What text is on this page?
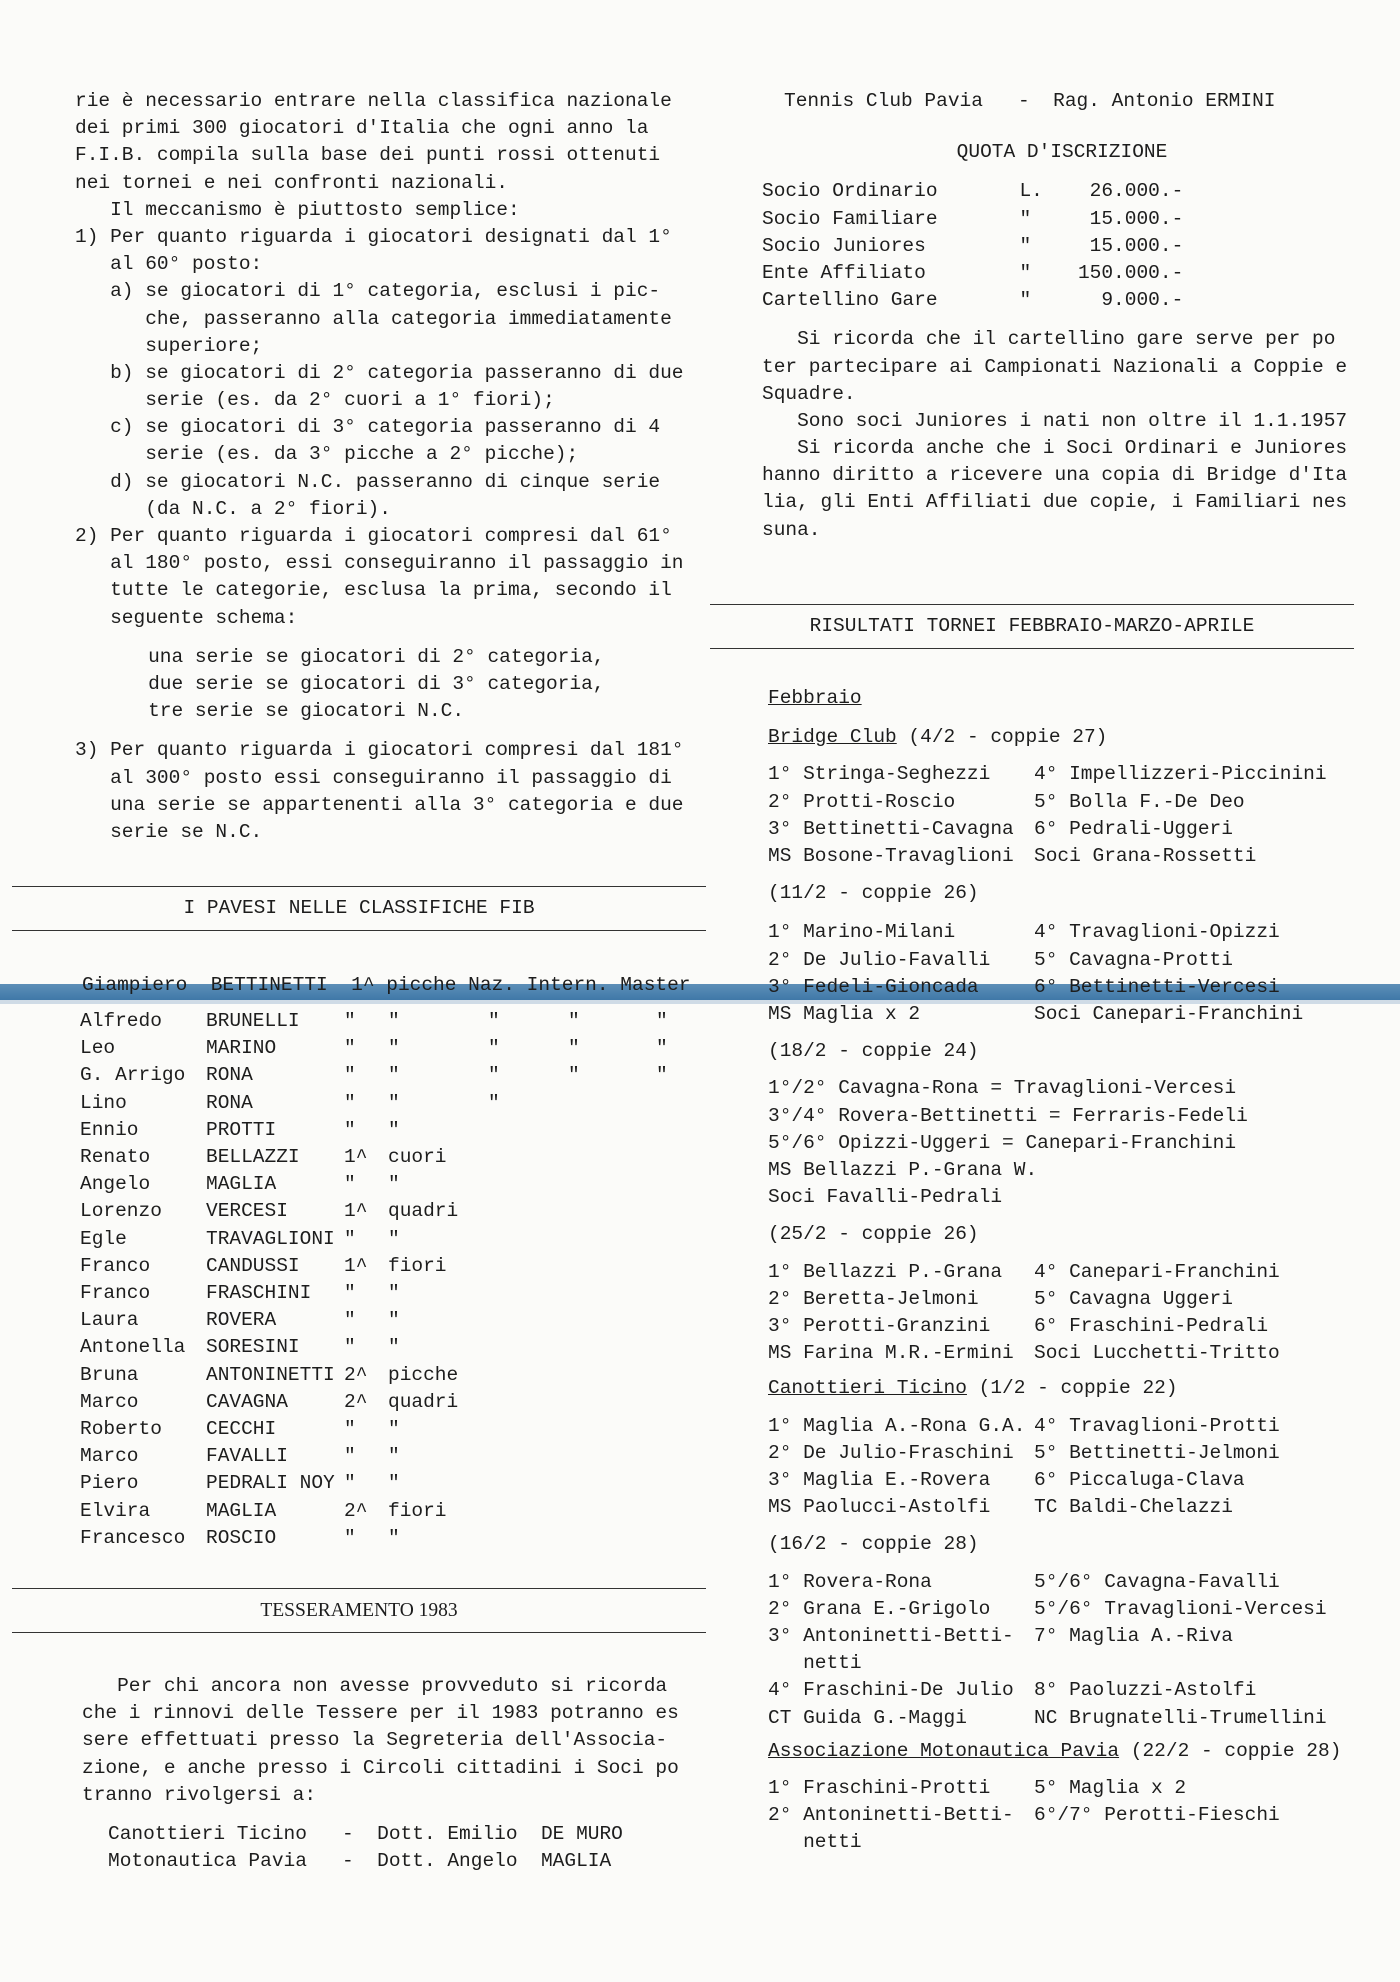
rie è necessario entrare nella classifica nazionale
dei primi 300 giocatori d'Italia che ogni anno la
F.I.B. compila sulla base dei punti rossi ottenuti
nei tornei e nei confronti nazionali.
Il meccanismo è piuttosto semplice:
1) Per quanto riguarda i giocatori designati dal 1°
al 60° posto:
a) se giocatori di 1° categoria, esclusi i pic-
che, passeranno alla categoria immediatamente
superiore;
b) se giocatori di 2° categoria passeranno di due
serie (es. da 2° cuori a 1° fiori);
c) se giocatori di 3° categoria passeranno di 4
serie (es. da 3° picche a 2° picche);
d) se giocatori N.C. passeranno di cinque serie
(da N.C. a 2° fiori).
2) Per quanto riguarda i giocatori compresi dal 61°
al 180° posto, essi conseguiranno il passaggio in
tutte le categorie, esclusa la prima, secondo il
seguente schema:
una serie se giocatori di 2° categoria,
due serie se giocatori di 3° categoria,
tre serie se giocatori N.C.
3) Per quanto riguarda i giocatori compresi dal 181°
al 300° posto essi conseguiranno il passaggio di
una serie se appartenenti alla 3° categoria e due
serie se N.C.
I PAVESI NELLE CLASSIFICHE FIB
Giampiero  BETTINETTI  1^ picche Naz. Intern. Master
Alfredo	BRUNELLI	"	"	"	"	"
Leo	MARINO	"	"	"	"	"
G. Arrigo	RONA	"	"	"	"	"
Lino	RONA	"	"	"		
Ennio	PROTTI	"	"			
Renato	BELLAZZI	1^	cuori			
Angelo	MAGLIA	"	"			
Lorenzo	VERCESI	1^	quadri			
Egle	TRAVAGLIONI	"	"			
Franco	CANDUSSI	1^	fiori			
Franco	FRASCHINI	"	"			
Laura	ROVERA	"	"			
Antonella	SORESINI	"	"			
Bruna	ANTONINETTI	2^	picche			
Marco	CAVAGNA	2^	quadri			
Roberto	CECCHI	"	"			
Marco	FAVALLI	"	"			
Piero	PEDRALI NOY	"	"			
Elvira	MAGLIA	2^	fiori			
Francesco	ROSCIO	"	"			
TESSERAMENTO 1983
Per chi ancora non avesse provveduto si ricorda
che i rinnovi delle Tessere per il 1983 potranno es
sere effettuati presso la Segreteria dell'Associa-
zione, e anche presso i Circoli cittadini i Soci po
tranno rivolgersi a:
Canottieri Ticino   -  Dott. Emilio  DE MURO
Motonautica Pavia   -  Dott. Angelo  MAGLIA
Tennis Club Pavia   -  Rag. Antonio ERMINI
QUOTA D'ISCRIZIONE
Socio Ordinario       L.    26.000.-
Socio Familiare       "     15.000.-
Socio Juniores        "     15.000.-
Ente Affiliato        "    150.000.-
Cartellino Gare       "      9.000.-
Si ricorda che il cartellino gare serve per po
ter partecipare ai Campionati Nazionali a Coppie e
Squadre.
Sono soci Juniores i nati non oltre il 1.1.1957
Si ricorda anche che i Soci Ordinari e Juniores
hanno diritto a ricevere una copia di Bridge d'Ita
lia, gli Enti Affiliati due copie, i Familiari nes
suna.
RISULTATI TORNEI FEBBRAIO-MARZO-APRILE
Febbraio
Bridge Club (4/2 - coppie 27)
1° Stringa-Seghezzi	4° Impellizzeri-Piccinini
2° Protti-Roscio	5° Bolla F.-De Deo
3° Bettinetti-Cavagna	6° Pedrali-Uggeri
MS Bosone-Travaglioni	Soci Grana-Rossetti
(11/2 - coppie 26)
1° Marino-Milani	4° Travaglioni-Opizzi
2° De Julio-Favalli	5° Cavagna-Protti
3° Fedeli-Gioncada	6° Bettinetti-Vercesi
MS Maglia x 2	Soci Canepari-Franchini
(18/2 - coppie 24)
1°/2° Cavagna-Rona = Travaglioni-Vercesi
3°/4° Rovera-Bettinetti = Ferraris-Fedeli
5°/6° Opizzi-Uggeri = Canepari-Franchini
MS Bellazzi P.-Grana W.
Soci Favalli-Pedrali
(25/2 - coppie 26)
1° Bellazzi P.-Grana	4° Canepari-Franchini
2° Beretta-Jelmoni	5° Cavagna Uggeri
3° Perotti-Granzini	6° Fraschini-Pedrali
MS Farina M.R.-Ermini	Soci Lucchetti-Tritto
Canottieri Ticino (1/2 - coppie 22)
1° Maglia A.-Rona G.A.	4° Travaglioni-Protti
2° De Julio-Fraschini	5° Bettinetti-Jelmoni
3° Maglia E.-Rovera	6° Piccaluga-Clava
MS Paolucci-Astolfi	TC Baldi-Chelazzi
(16/2 - coppie 28)
1° Rovera-Rona	5°/6° Cavagna-Favalli
2° Grana E.-Grigolo	5°/6° Travaglioni-Vercesi
3° Antoninetti-Betti-	7° Maglia A.-Riva
netti	
4° Fraschini-De Julio	8° Paoluzzi-Astolfi
CT Guida G.-Maggi	NC Brugnatelli-Trumellini
Associazione Motonautica Pavia (22/2 - coppie 28)
1° Fraschini-Protti	5° Maglia x 2
2° Antoninetti-Betti-	6°/7° Perotti-Fieschi
netti	
